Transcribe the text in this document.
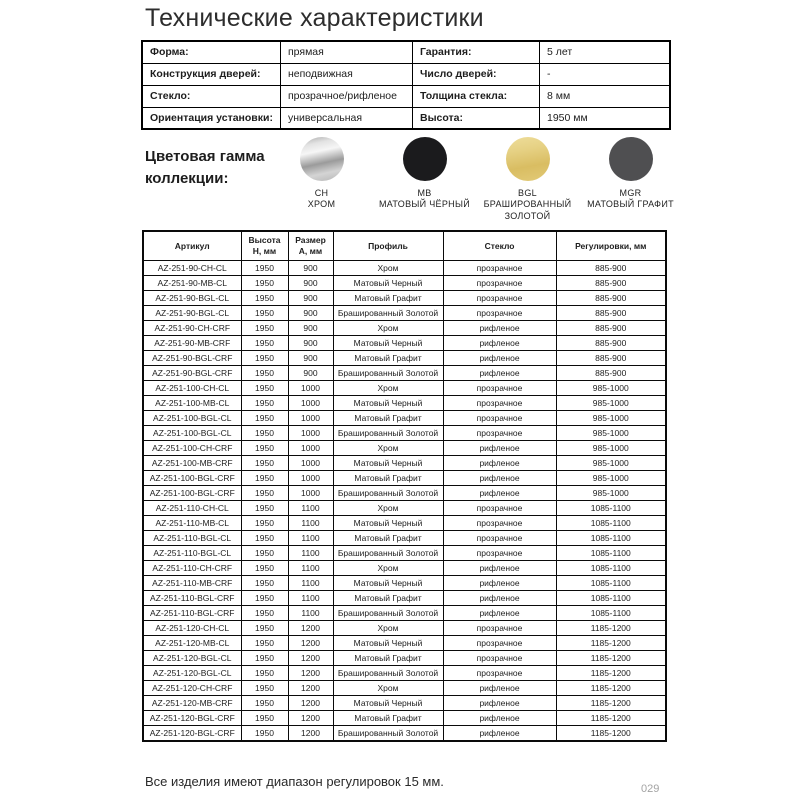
Технические характеристики
Форма:	прямая	Гарантия:	5 лет
Конструкция дверей:	неподвижная	Число дверей:	-
Стекло:	прозрачное/рифленое	Толщина стекла:	8 мм
Ориентация установки:	универсальная	Высота:	1950 мм
Цветовая гамма коллекции:
CH
ХРОМ
MB
МАТОВЫЙ ЧЁРНЫЙ
BGL
БРАШИРОВАННЫЙ ЗОЛОТОЙ
MGR
МАТОВЫЙ ГРАФИТ
Артикул	Высота H, мм	Размер A, мм	Профиль	Стекло	Регулировки, мм
AZ-251-90-CH-CL	1950	900	Хром	прозрачное	885-900
AZ-251-90-MB-CL	1950	900	Матовый Черный	прозрачное	885-900
AZ-251-90-BGL-CL	1950	900	Матовый Графит	прозрачное	885-900
AZ-251-90-BGL-CL	1950	900	Брашированный Золотой	прозрачное	885-900
AZ-251-90-CH-CRF	1950	900	Хром	рифленое	885-900
AZ-251-90-MB-CRF	1950	900	Матовый Черный	рифленое	885-900
AZ-251-90-BGL-CRF	1950	900	Матовый Графит	рифленое	885-900
AZ-251-90-BGL-CRF	1950	900	Брашированный Золотой	рифленое	885-900
AZ-251-100-CH-CL	1950	1000	Хром	прозрачное	985-1000
AZ-251-100-MB-CL	1950	1000	Матовый Черный	прозрачное	985-1000
AZ-251-100-BGL-CL	1950	1000	Матовый Графит	прозрачное	985-1000
AZ-251-100-BGL-CL	1950	1000	Брашированный Золотой	прозрачное	985-1000
AZ-251-100-CH-CRF	1950	1000	Хром	рифленое	985-1000
AZ-251-100-MB-CRF	1950	1000	Матовый Черный	рифленое	985-1000
AZ-251-100-BGL-CRF	1950	1000	Матовый Графит	рифленое	985-1000
AZ-251-100-BGL-CRF	1950	1000	Брашированный Золотой	рифленое	985-1000
AZ-251-110-CH-CL	1950	1100	Хром	прозрачное	1085-1100
AZ-251-110-MB-CL	1950	1100	Матовый Черный	прозрачное	1085-1100
AZ-251-110-BGL-CL	1950	1100	Матовый Графит	прозрачное	1085-1100
AZ-251-110-BGL-CL	1950	1100	Брашированный Золотой	прозрачное	1085-1100
AZ-251-110-CH-CRF	1950	1100	Хром	рифленое	1085-1100
AZ-251-110-MB-CRF	1950	1100	Матовый Черный	рифленое	1085-1100
AZ-251-110-BGL-CRF	1950	1100	Матовый Графит	рифленое	1085-1100
AZ-251-110-BGL-CRF	1950	1100	Брашированный Золотой	рифленое	1085-1100
AZ-251-120-CH-CL	1950	1200	Хром	прозрачное	1185-1200
AZ-251-120-MB-CL	1950	1200	Матовый Черный	прозрачное	1185-1200
AZ-251-120-BGL-CL	1950	1200	Матовый Графит	прозрачное	1185-1200
AZ-251-120-BGL-CL	1950	1200	Брашированный Золотой	прозрачное	1185-1200
AZ-251-120-CH-CRF	1950	1200	Хром	рифленое	1185-1200
AZ-251-120-MB-CRF	1950	1200	Матовый Черный	рифленое	1185-1200
AZ-251-120-BGL-CRF	1950	1200	Матовый Графит	рифленое	1185-1200
AZ-251-120-BGL-CRF	1950	1200	Брашированный Золотой	рифленое	1185-1200
Все изделия имеют диапазон регулировок 15 мм.	029
